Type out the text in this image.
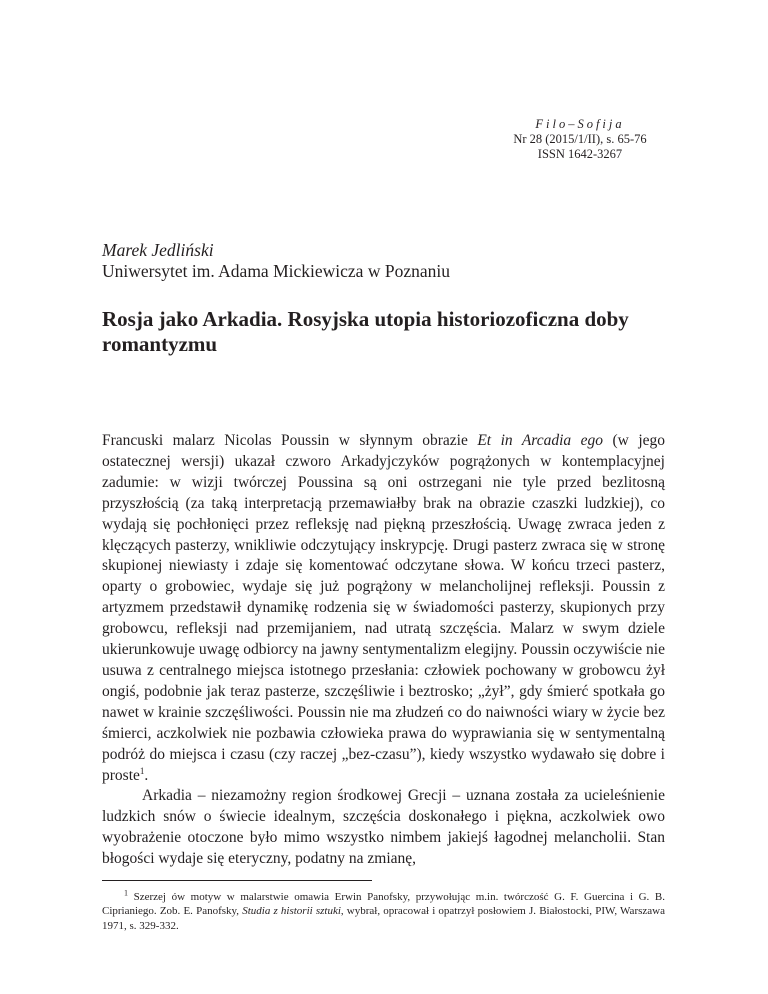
Filo–Sofija
Nr 28 (2015/1/II), s. 65-76
ISSN 1642-3267
Marek Jedliński
Uniwersytet im. Adama Mickiewicza w Poznaniu
Rosja jako Arkadia. Rosyjska utopia historiozoficzna doby romantyzmu

Francuski malarz Nicolas Poussin w słynnym obrazie Et in Arcadia ego (w jego ostatecznej wersji) ukazał czworo Arkadyjczyków pogrążonych w kontemplacyjnej zadumie: w wizji twórczej Poussina są oni ostrzegani nie tyle przed bezlitosną przyszłością (za taką interpretacją przemawiałby brak na obrazie czaszki ludzkiej), co wydają się pochłonięci przez refleksję nad piękną przeszłością. Uwagę zwraca jeden z klęczących pasterzy, wnikliwie odczytujący inskrypcję. Drugi pasterz zwraca się w stronę skupionej niewiasty i zdaje się komentować odczytane słowa. W końcu trzeci pasterz, oparty o grobowiec, wydaje się już pogrążony w melancholijnej refleksji. Poussin z artyzmem przedstawił dynamikę rodzenia się w świadomości pasterzy, skupionych przy grobowcu, refleksji nad przemijaniem, nad utratą szczęścia. Malarz w swym dziele ukierunkowuje uwagę odbiorcy na jawny sentymentalizm elegijny. Poussin oczywiście nie usuwa z centralnego miejsca istotnego przesłania: człowiek pochowany w grobowcu żył ongiś, podobnie jak teraz pasterze, szczęśliwie i beztrosko; „żył”, gdy śmierć spotkała go nawet w krainie szczęśliwości. Poussin nie ma złudzeń co do naiwności wiary w życie bez śmierci, aczkolwiek nie pozbawia człowieka prawa do wyprawiania się w sentymentalną podróż do miejsca i czasu (czy raczej „bez-czasu”), kiedy wszystko wydawało się dobre i proste$^1$.

Arkadia – niezamożny region środkowej Grecji – uznana została za ucieleśnienie ludzkich snów o świecie idealnym, szczęścia doskonałego i piękna, aczkolwiek owo wyobrażenie otoczone było mimo wszystko nimbem jakiejś łagodnej melancholii. Stan błogości wydaje się eteryczny, podatny na zmianę,

$^1$ Szerzej ów motyw w malarstwie omawia Erwin Panofsky, przywołując m.in. twórczość G. F. Guercina i G. B. Ciprianiego. Zob. E. Panofsky, Studia z historii sztuki, wybrał, opracował i opatrzył posłowiem J. Białostocki, PIW, Warszawa 1971, s. 329-332.
